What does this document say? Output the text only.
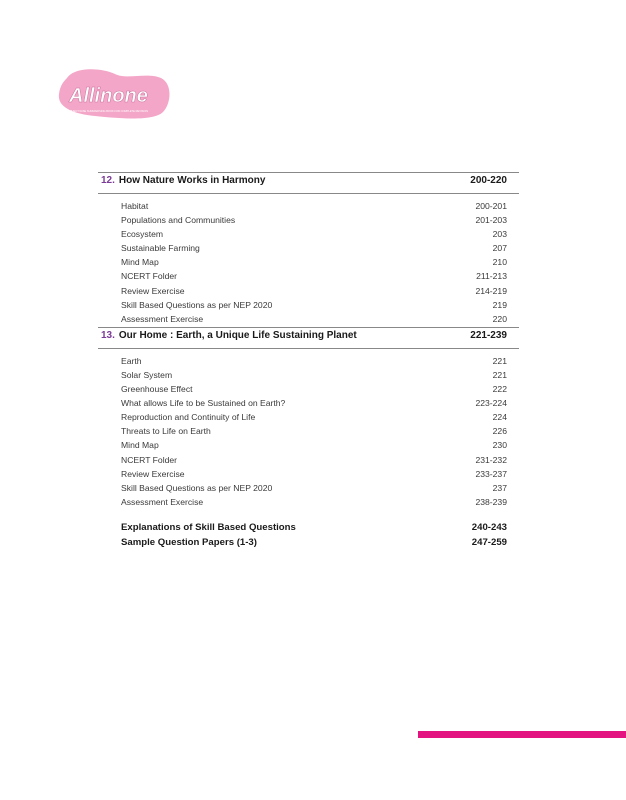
Allinone
SUBJECT-WISE SUMMARISING BOOK FOR COMPLETE REVISION
12. How Nature Works in Harmony	200-220
Habitat	200-201
Populations and Communities	201-203
Ecosystem	203
Sustainable Farming	207
Mind Map	210
NCERT Folder	211-213
Review Exercise	214-219
Skill Based Questions as per NEP 2020	219
Assessment Exercise	220
13. Our Home : Earth, a Unique Life Sustaining Planet	221-239
Earth	221
Solar System	221
Greenhouse Effect	222
What allows Life to be Sustained on Earth?	223-224
Reproduction and Continuity of Life	224
Threats to Life on Earth	226
Mind Map	230
NCERT Folder	231-232
Review Exercise	233-237
Skill Based Questions as per NEP 2020	237
Assessment Exercise	238-239
Explanations of Skill Based Questions	240-243
Sample Question Papers (1-3)	247-259
